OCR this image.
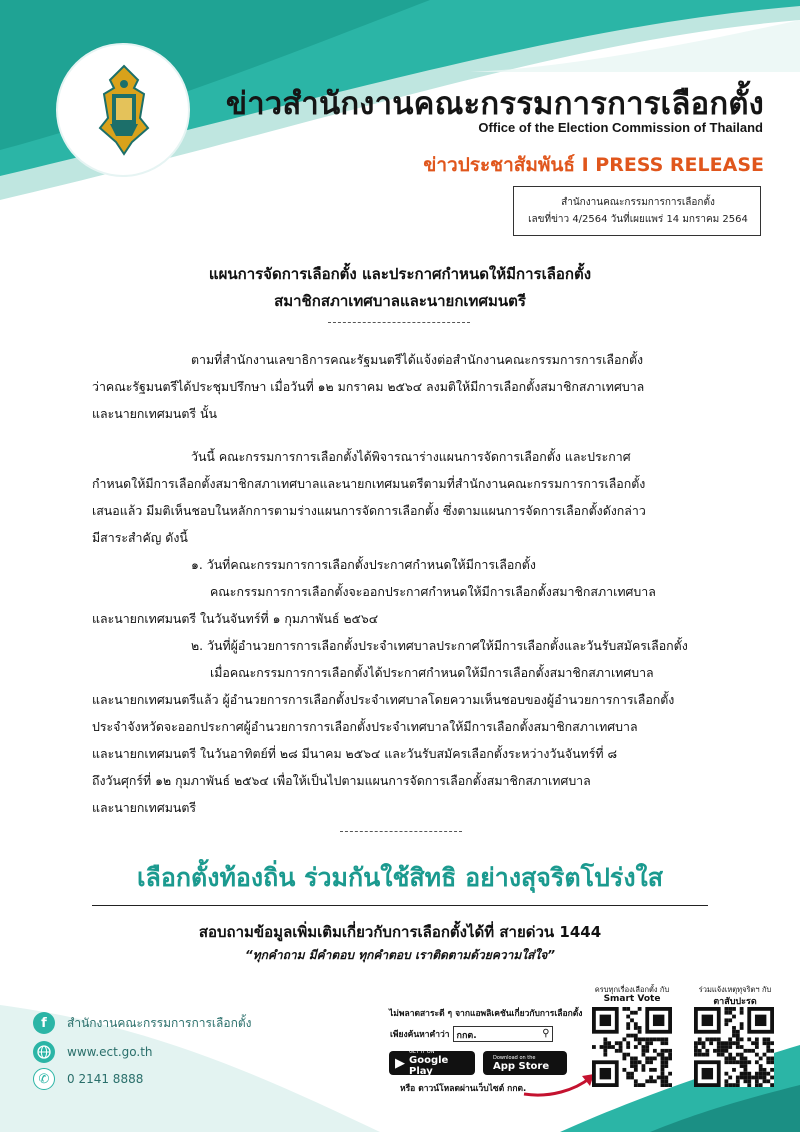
ข่าวสำนักงานคณะกรรมการการเลือกตั้ง
Office of the Election Commission of Thailand
ข่าวประชาสัมพันธ์ I PRESS RELEASE
สำนักงานคณะกรรมการการเลือกตั้ง
เลขที่ข่าว 4/2564 วันที่เผยแพร่ 14 มกราคม 2564
แผนการจัดการเลือกตั้ง และประกาศกำหนดให้มีการเลือกตั้ง
สมาชิกสภาเทศบาลและนายกเทศมนตรี
ตามที่สำนักงานเลขาธิการคณะรัฐมนตรีได้แจ้งต่อสำนักงานคณะกรรมการการเลือกตั้ง
ว่าคณะรัฐมนตรีได้ประชุมปรึกษา เมื่อวันที่ ๑๒ มกราคม ๒๕๖๔ ลงมติให้มีการเลือกตั้งสมาชิกสภาเทศบาล
และนายกเทศมนตรี นั้น
วันนี้ คณะกรรมการการเลือกตั้งได้พิจารณาร่างแผนการจัดการเลือกตั้ง และประกาศ
กำหนดให้มีการเลือกตั้งสมาชิกสภาเทศบาลและนายกเทศมนตรีตามที่สำนักงานคณะกรรมการการเลือกตั้ง
เสนอแล้ว มีมติเห็นชอบในหลักการตามร่างแผนการจัดการเลือกตั้ง ซึ่งตามแผนการจัดการเลือกตั้งดังกล่าว
มีสาระสำคัญ ดังนี้
๑. วันที่คณะกรรมการการเลือกตั้งประกาศกำหนดให้มีการเลือกตั้ง
คณะกรรมการการเลือกตั้งจะออกประกาศกำหนดให้มีการเลือกตั้งสมาชิกสภาเทศบาล
และนายกเทศมนตรี ในวันจันทร์ที่ ๑ กุมภาพันธ์ ๒๕๖๔
๒. วันที่ผู้อำนวยการการเลือกตั้งประจำเทศบาลประกาศให้มีการเลือกตั้งและวันรับสมัครเลือกตั้ง
เมื่อคณะกรรมการการเลือกตั้งได้ประกาศกำหนดให้มีการเลือกตั้งสมาชิกสภาเทศบาล
และนายกเทศมนตรีแล้ว ผู้อำนวยการการเลือกตั้งประจำเทศบาลโดยความเห็นชอบของผู้อำนวยการการเลือกตั้ง
ประจำจังหวัดจะออกประกาศผู้อำนวยการการเลือกตั้งประจำเทศบาลให้มีการเลือกตั้งสมาชิกสภาเทศบาล
และนายกเทศมนตรี ในวันอาทิตย์ที่ ๒๘ มีนาคม ๒๕๖๔ และวันรับสมัครเลือกตั้งระหว่างวันจันทร์ที่ ๘
ถึงวันศุกร์ที่ ๑๒ กุมภาพันธ์ ๒๕๖๔ เพื่อให้เป็นไปตามแผนการจัดการเลือกตั้งสมาชิกสภาเทศบาล
และนายกเทศมนตรี
เลือกตั้งท้องถิ่น ร่วมกันใช้สิทธิ อย่างสุจริตโปร่งใส
สอบถามข้อมูลเพิ่มเติมเกี่ยวกับการเลือกตั้งได้ที่ สายด่วน 1444
“ทุกคำถาม มีคำตอบ ทุกคำตอบ เราติดตามด้วยความใส่ใจ”
f	สำนักงานคณะกรรมการการเลือกตั้ง
www.ect.go.th
✆	0 2141 8888
ไม่พลาดสาระดี ๆ จากแอพลิเคชันเกี่ยวกับการเลือกตั้ง
เพียงค้นหาคำว่า กกต.	⚲
▶
GET IT ON
Google Play
Download on the
App Store
หรือ ดาวน์โหลดผ่านเว็บไซต์ กกต.
ครบทุกเรื่องเลือกตั้ง กับ
Smart Vote
ร่วมแจ้งเหตุทุจริตฯ กับ
ตาสับปะรด
